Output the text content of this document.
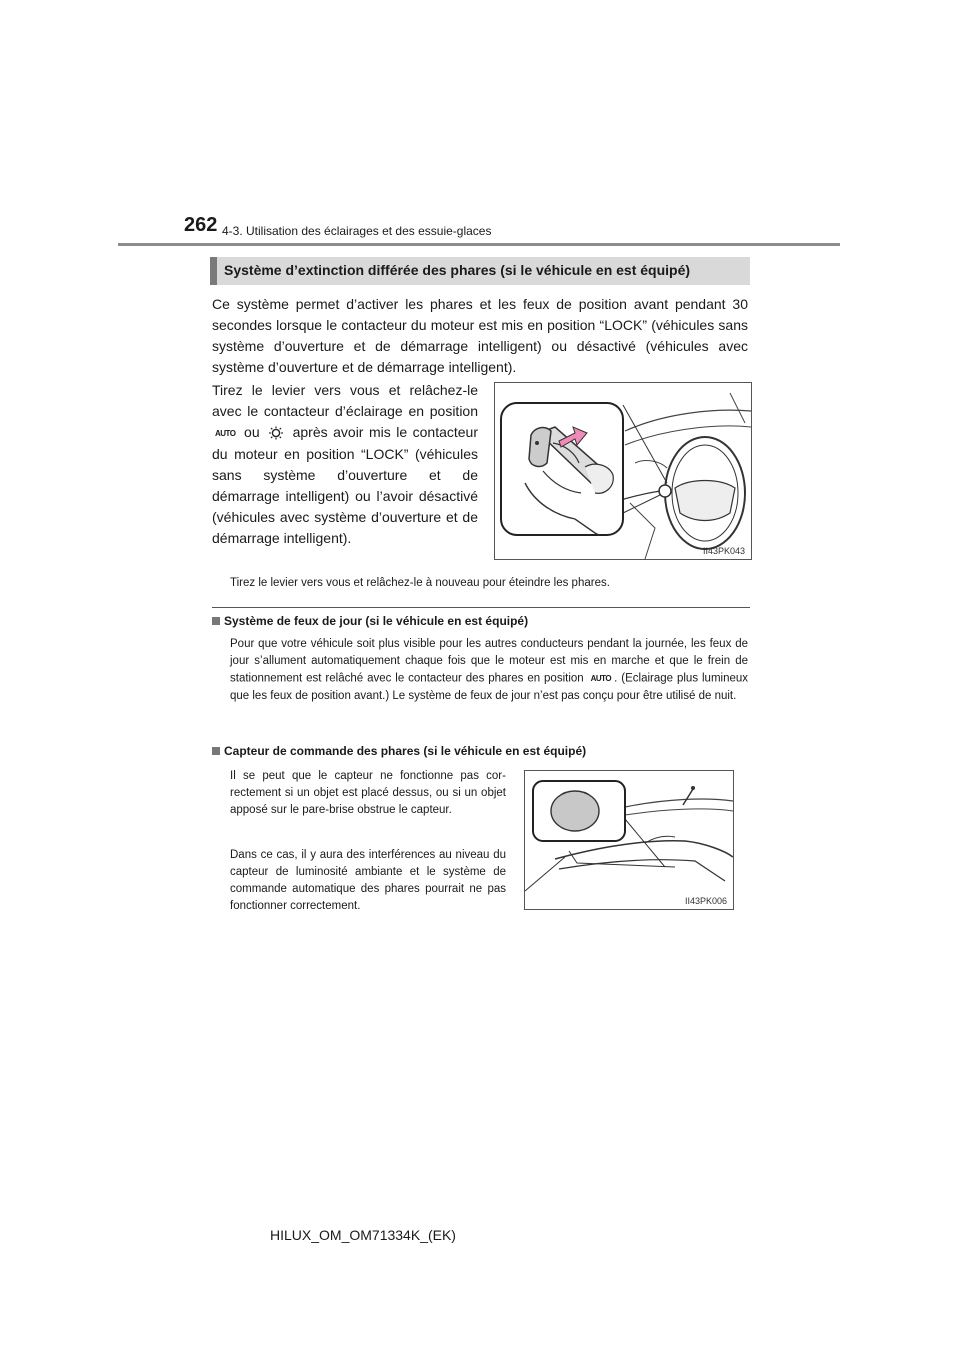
262 4-3. Utilisation des éclairages et des essuie-glaces
Système d’extinction différée des phares (si le véhicule en est équipé)
Ce système permet d’activer les phares et les feux de position avant pendant 30 secondes lorsque le contacteur du moteur est mis en position “LOCK” (véhicules sans système d’ouverture et de démarrage intelligent) ou désactivé (véhicules avec système d’ouverture et de démarrage intelligent).
Tirez le levier vers vous et relâchez-le avec le contacteur d’éclairage en position AUTO ou après avoir mis le contacteur du moteur en position “LOCK” (véhicules sans système d’ouverture et de démarrage intelligent) ou l’avoir désactivé (véhicules avec système d’ouverture et de démarrage intelligent).
II43PK043
Tirez le levier vers vous et relâchez-le à nouveau pour éteindre les phares.
Système de feux de jour (si le véhicule en est équipé)
Pour que votre véhicule soit plus visible pour les autres conducteurs pendant la journée, les feux de jour s’allument automatiquement chaque fois que le moteur est mis en marche et que le frein de stationnement est relâché avec le contacteur des phares en position AUTO . (Eclairage plus lumineux que les feux de position avant.) Le système de feux de jour n’est pas conçu pour être utilisé de nuit.
Capteur de commande des phares (si le véhicule en est équipé)
Il se peut que le capteur ne fonctionne pas correctement si un objet est placé dessus, ou si un objet apposé sur le pare-brise obstrue le capteur.
Dans ce cas, il y aura des interférences au niveau du capteur de luminosité ambiante et le système de commande automatique des phares pourrait ne pas fonctionner correctement.	II43PK006
HILUX_OM_OM71334K_(EK)
